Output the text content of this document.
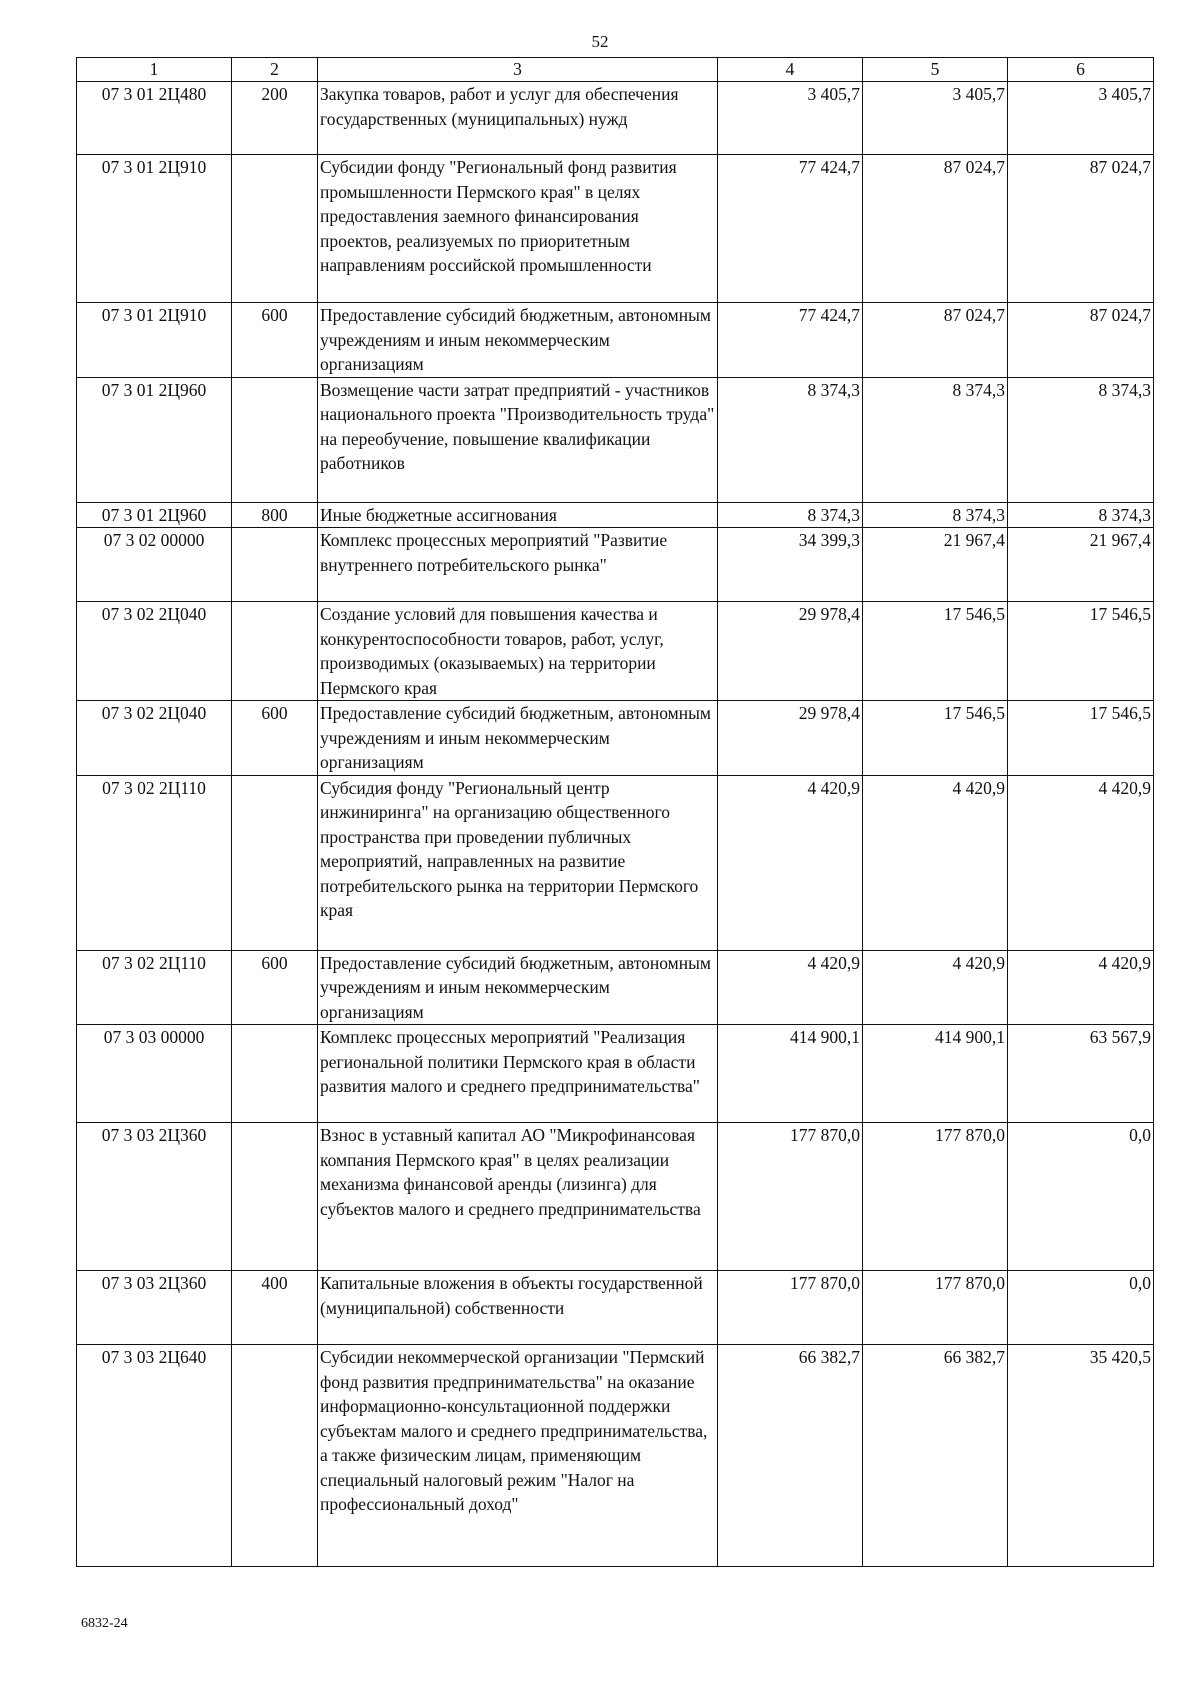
52
1	2	3	4	5	6
07 3 01 2Ц480	200	Закупка товаров, работ и услуг для обеспечения государственных (муниципальных) нужд	3 405,7	3 405,7	3 405,7
07 3 01 2Ц910		Субсидии фонду "Региональный фонд развития промышленности Пермского края" в целях предоставления заемного финансирования проектов, реализуемых по приоритетным направлениям российской промышленности	77 424,7	87 024,7	87 024,7
07 3 01 2Ц910	600	Предоставление субсидий бюджетным, автономным учреждениям и иным некоммерческим организациям	77 424,7	87 024,7	87 024,7
07 3 01 2Ц960		Возмещение части затрат предприятий - участников национального проекта "Производительность труда" на переобучение, повышение квалификации работников	8 374,3	8 374,3	8 374,3
07 3 01 2Ц960	800	Иные бюджетные ассигнования	8 374,3	8 374,3	8 374,3
07 3 02 00000		Комплекс процессных мероприятий "Развитие внутреннего потребительского рынка"	34 399,3	21 967,4	21 967,4
07 3 02 2Ц040		Создание условий для повышения качества и конкурентоспособности товаров, работ, услуг, производимых (оказываемых) на территории Пермского края	29 978,4	17 546,5	17 546,5
07 3 02 2Ц040	600	Предоставление субсидий бюджетным, автономным учреждениям и иным некоммерческим организациям	29 978,4	17 546,5	17 546,5
07 3 02 2Ц110		Субсидия фонду "Региональный центр инжиниринга" на организацию общественного пространства при проведении публичных мероприятий, направленных на развитие потребительского рынка на территории Пермского края	4 420,9	4 420,9	4 420,9
07 3 02 2Ц110	600	Предоставление субсидий бюджетным, автономным учреждениям и иным некоммерческим организациям	4 420,9	4 420,9	4 420,9
07 3 03 00000		Комплекс процессных мероприятий "Реализация региональной политики Пермского края в области развития малого и среднего предпринимательства"	414 900,1	414 900,1	63 567,9
07 3 03 2Ц360		Взнос в уставный капитал АО "Микрофинансовая компания Пермского края" в целях реализации механизма финансовой аренды (лизинга) для субъектов малого и среднего предпринимательства	177 870,0	177 870,0	0,0
07 3 03 2Ц360	400	Капитальные вложения в объекты государственной (муниципальной) собственности	177 870,0	177 870,0	0,0
07 3 03 2Ц640		Субсидии некоммерческой организации "Пермский фонд развития предпринимательства" на оказание информационно-консультационной поддержки субъектам малого и среднего предпринимательства, а также физическим лицам, применяющим специальный налоговый режим "Налог на профессиональный доход"	66 382,7	66 382,7	35 420,5
6832-24
